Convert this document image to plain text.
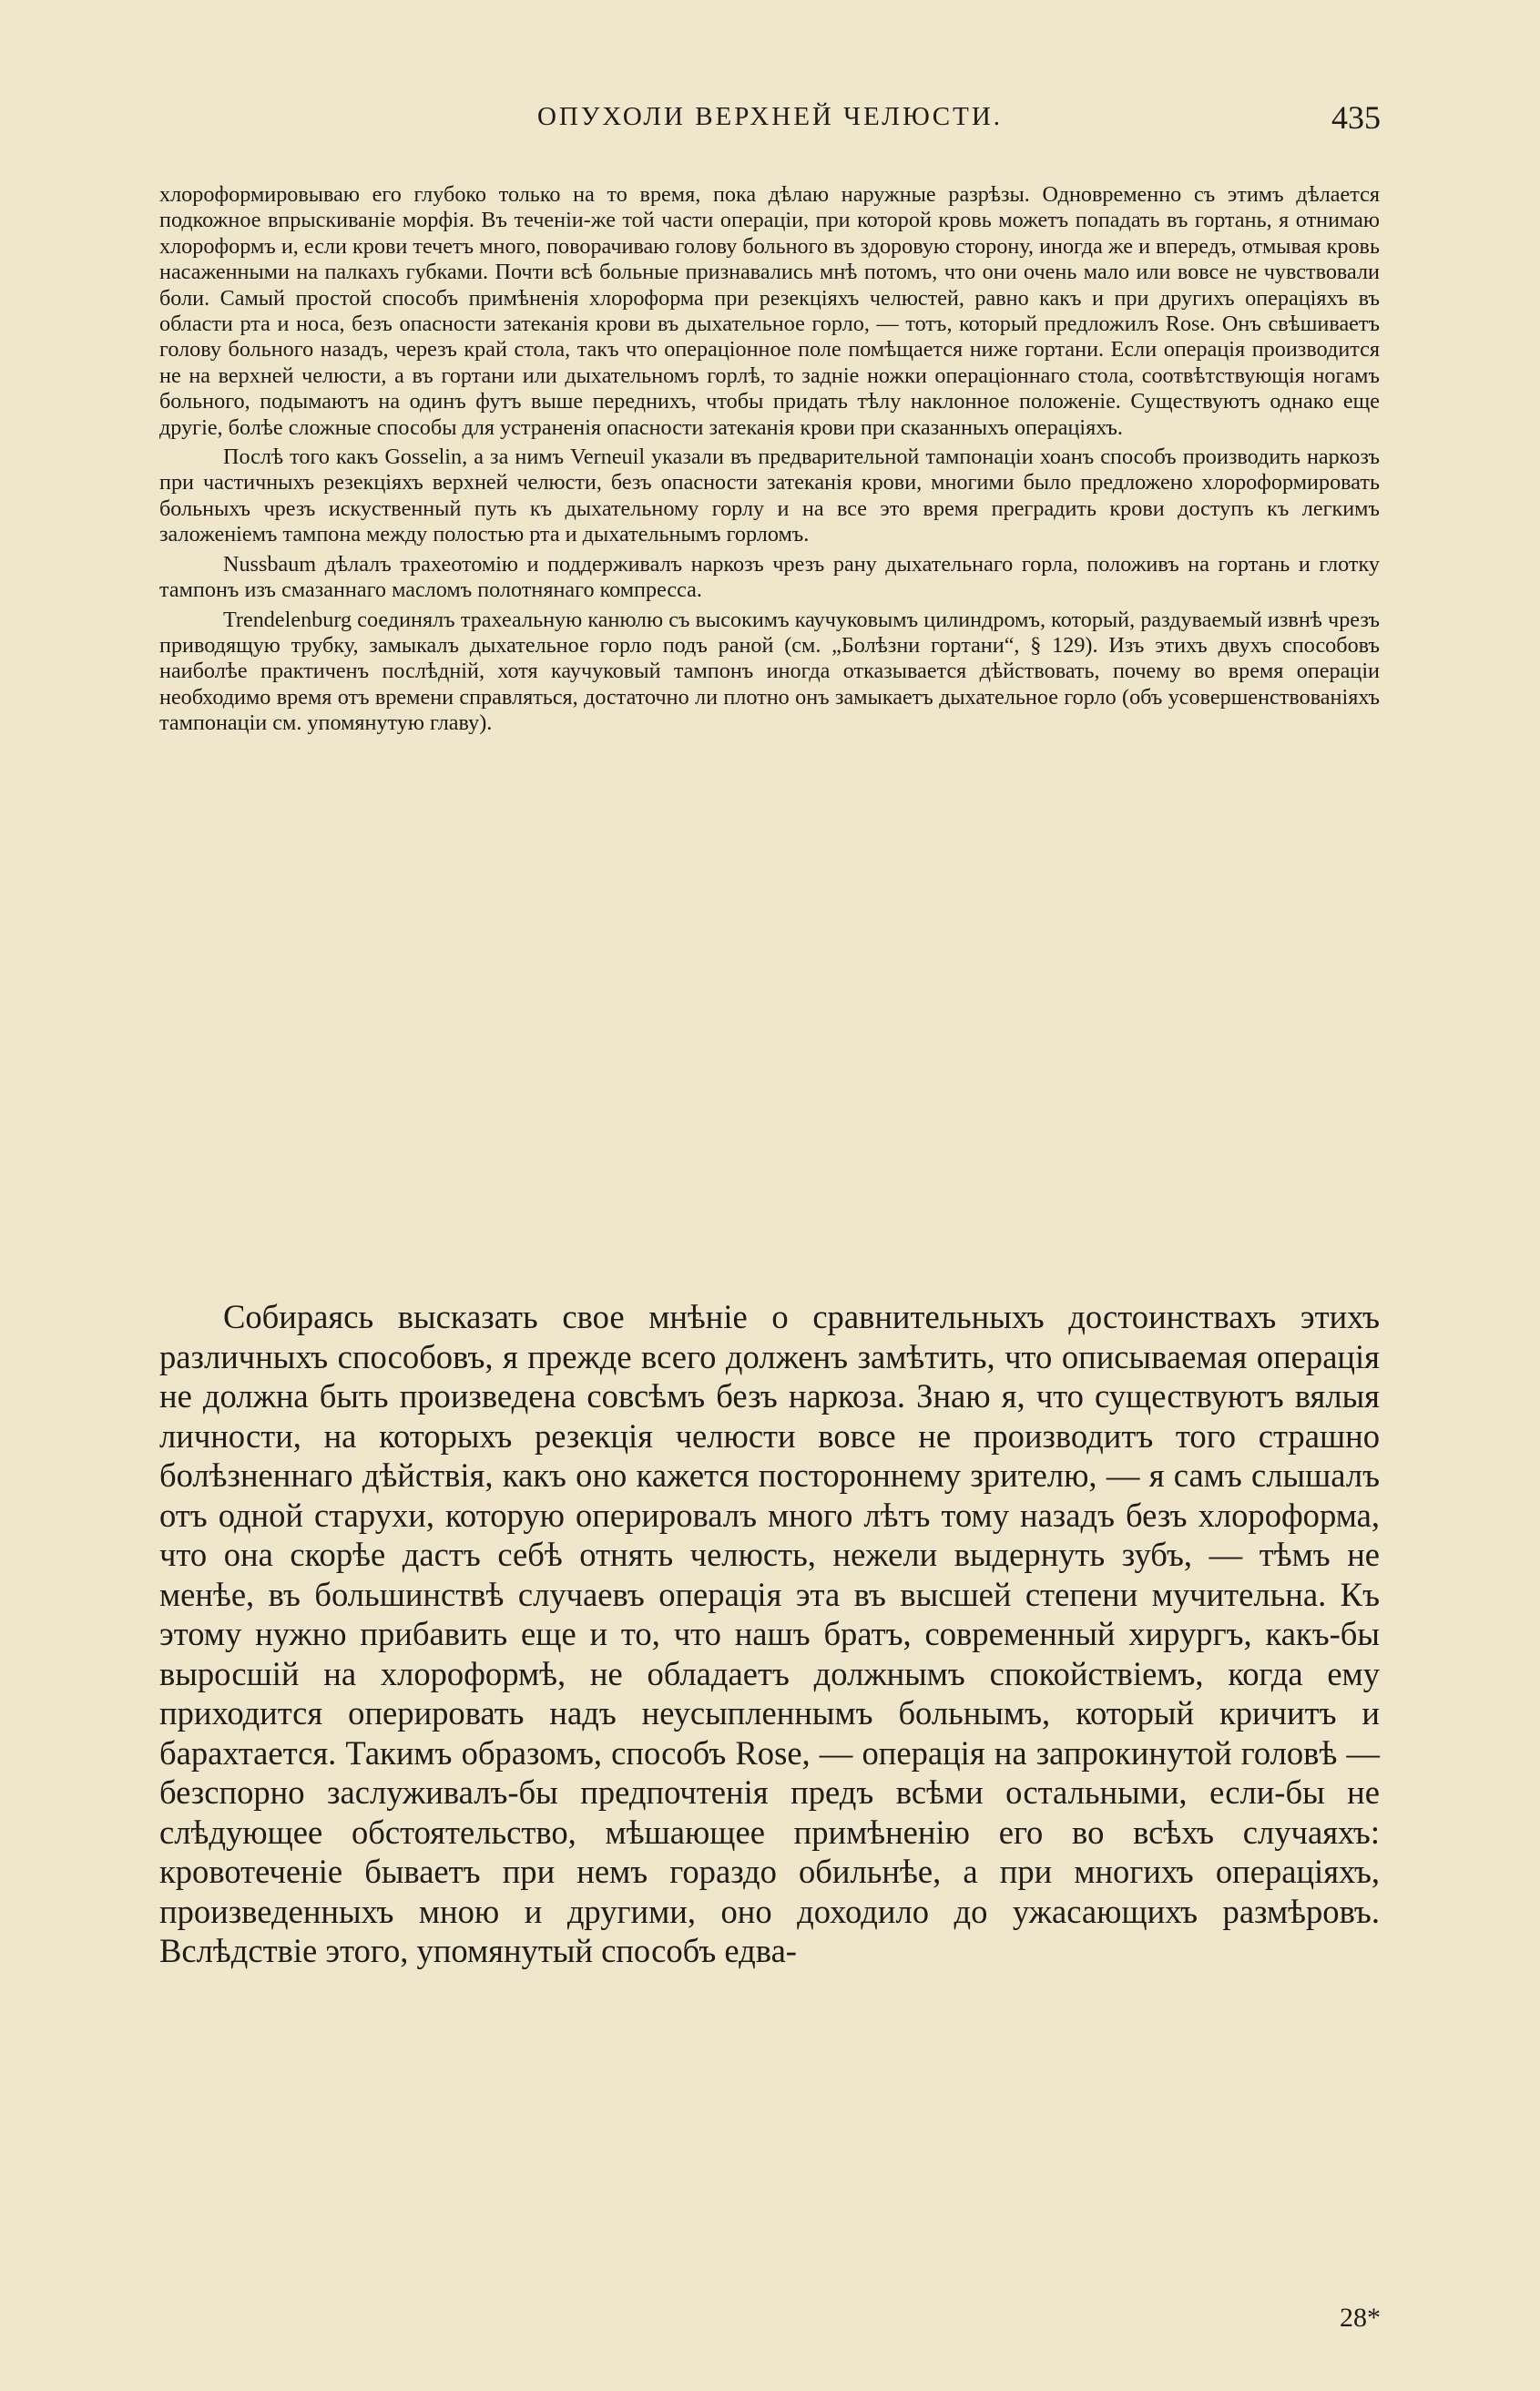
ОПУХОЛИ ВЕРХНЕЙ ЧЕЛЮСТИ.	435

хлороформировываю его глубоко только на то время, пока дѣлаю наружные разрѣзы. Одновременно съ этимъ дѣлается подкожное впрыскиваніе морфія. Въ теченіи-же той части операціи, при которой кровь можетъ попадать въ гортань, я отнимаю хлороформъ и, если крови течетъ много, поворачиваю голову больного въ здоровую сторону, иногда же и впередъ, отмывая кровь насаженными на палкахъ губками. Почти всѣ больные признавались мнѣ потомъ, что они очень мало или вовсе не чувствовали боли. Самый простой способъ примѣненія хлороформа при резекціяхъ челюстей, равно какъ и при другихъ операціяхъ въ области рта и носа, безъ опасности затеканія крови въ дыхательное горло, — тотъ, который предложилъ Rose. Онъ свѣшиваетъ голову больного назадъ, черезъ край стола, такъ что операціонное поле помѣщается ниже гортани. Если операція производится не на верхней челюсти, а въ гортани или дыхательномъ горлѣ, то задніе ножки операціоннаго стола, соотвѣтствующія ногамъ больного, подымаютъ на одинъ футъ выше переднихъ, чтобы придать тѣлу наклонное положеніе. Существуютъ однако еще другіе, болѣе сложные способы для устраненія опасности затеканія крови при сказанныхъ операціяхъ.

Послѣ того какъ Gosselin, а за нимъ Verneuil указали въ предварительной тампонаціи хоанъ способъ производить наркозъ при частичныхъ резекціяхъ верхней челюсти, безъ опасности затеканія крови, многими было предложено хлороформировать больныхъ чрезъ искуственный путь къ дыхательному горлу и на все это время преградить крови доступъ къ легкимъ заложеніемъ тампона между полостью рта и дыхательнымъ горломъ.

Nussbaum дѣлалъ трахеотомію и поддерживалъ наркозъ чрезъ рану дыхательнаго горла, положивъ на гортань и глотку тампонъ изъ смазаннаго масломъ полотнянаго компресса.

Trendelenburg соединялъ трахеальную канюлю съ высокимъ каучуковымъ цилиндромъ, который, раздуваемый извнѣ чрезъ приводящую трубку, замыкалъ дыхательное горло подъ раной (см. „Болѣзни гортани“, § 129). Изъ этихъ двухъ способовъ наиболѣе практиченъ послѣдній, хотя каучуковый тампонъ иногда отказывается дѣйствовать, почему во время операціи необходимо время отъ времени справляться, достаточно ли плотно онъ замыкаетъ дыхательное горло (объ усовершенствованіяхъ тампонаціи см. упомянутую главу).

Собираясь высказать свое мнѣніе о сравнительныхъ достоинствахъ этихъ различныхъ способовъ, я прежде всего долженъ замѣтить, что описываемая операція не должна быть произведена совсѣмъ безъ наркоза. Знаю я, что существуютъ вялыя личности, на которыхъ резекція челюсти вовсе не производитъ того страшно болѣзненнаго дѣйствія, какъ оно кажется постороннему зрителю, — я самъ слышалъ отъ одной старухи, которую оперировалъ много лѣтъ тому назадъ безъ хлороформа, что она скорѣе дастъ себѣ отнять челюсть, нежели выдернуть зубъ, — тѣмъ не менѣе, въ большинствѣ случаевъ операція эта въ высшей степени мучительна. Къ этому нужно прибавить еще и то, что нашъ братъ, современный хирургъ, какъ-бы выросшій на хлороформѣ, не обладаетъ должнымъ спокойствіемъ, когда ему приходится оперировать надъ неусыпленнымъ больнымъ, который кричитъ и барахтается. Такимъ образомъ, способъ Rose, — операція на запрокинутой головѣ — безспорно заслуживалъ-бы предпочтенія предъ всѣми остальными, если-бы не слѣдующее обстоятельство, мѣшающее примѣненію его во всѣхъ случаяхъ: кровотеченіе бываетъ при немъ гораздо обильнѣе, а при многихъ операціяхъ, произведенныхъ мною и другими, оно доходило до ужасающихъ размѣровъ. Вслѣдствіе этого, упомянутый способъ едва-

28*
